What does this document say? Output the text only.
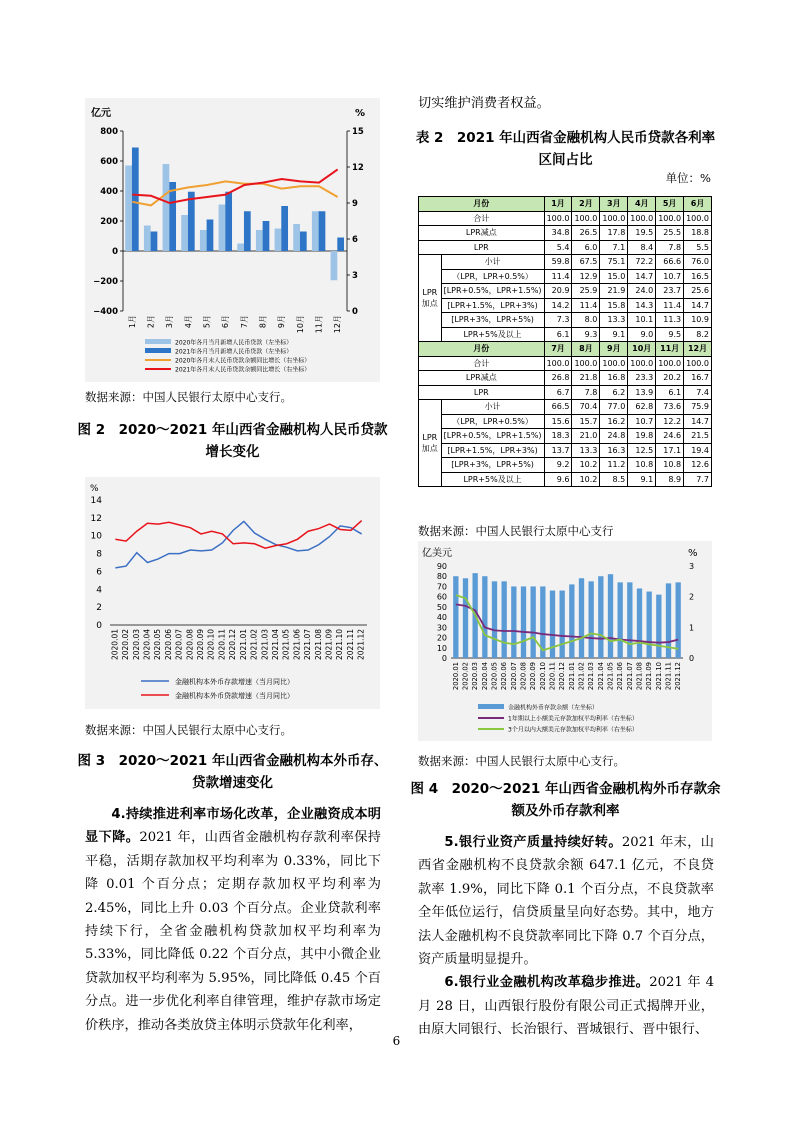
亿元	%
800
600
400
200
0
−200
−400
15
12
9
6
3
0
1月 2月 3月 4月 5月 6月 7月 8月 9月 10月 11月 12月
2020年各月当月新增人民币贷款（左坐标）
2021年各月当月新增人民币贷款（左坐标）
2020年各月末人民币贷款余额同比增长（右坐标）
2021年各月末人民币贷款余额同比增长（右坐标）
数据来源：中国人民银行太原中心支行。
图 2　2020～2021 年山西省金融机构人民币贷款
增长变化
%
14
12
10
8
6
4
2
0
2020.01 2020.02 2020.03 2020.04 2020.05 2020.06 2020.07 2020.08 2020.09 2020.10 2020.11 2020.12 2021.01 2021.02 2021.03 2021.04 2021.05 2021.06 2021.07 2021.08 2021.09 2021.10 2021.11 2021.12
金融机构本外币存款增速（当月同比）
金融机构本外币贷款增速（当月同比）
数据来源：中国人民银行太原中心支行。
图 3　2020～2021 年山西省金融机构本外币存、
贷款增速变化

4.持续推进利率市场化改革，企业融资成本明显下降。2021 年，山西省金融机构存款利率保持平稳，活期存款加权平均利率为 0.33%，同比下降 0.01 个百分点；定期存款加权平均利率为 2.45%，同比上升 0.03 个百分点。企业贷款利率持续下行，全省金融机构贷款加权平均利率为 5.33%，同比降低 0.22 个百分点，其中小微企业贷款加权平均利率为 5.95%，同比降低 0.45 个百分点。进一步优化利率自律管理，维护存款市场定价秩序，推动各类放贷主体明示贷款年化利率，

切实维护消费者权益。

表 2　2021 年山西省金融机构人民币贷款各利率
区间占比
单位：%
月份		1月	2月	3月	4月	5月	6月
合计		100.0	100.0	100.0	100.0	100.0	100.0
LPR减点		34.8	26.5	17.8	19.5	25.5	18.8
LPR		5.4	6.0	7.1	8.4	7.8	5.5
LPR加点	小计	59.8	67.5	75.1	72.2	66.6	76.0
	（LPR，LPR+0.5%）	11.4	12.9	15.0	14.7	10.7	16.5
	[LPR+0.5%，LPR+1.5%)	20.9	25.9	21.9	24.0	23.7	25.6
	[LPR+1.5%，LPR+3%)	14.2	11.4	15.8	14.3	11.4	14.7
	[LPR+3%，LPR+5%)	7.3	8.0	13.3	10.1	11.3	10.9
	LPR+5%及以上	6.1	9.3	9.1	9.0	9.5	8.2
月份		7月	8月	9月	10月	11月	12月
合计		100.0	100.0	100.0	100.0	100.0	100.0
LPR减点		26.8	21.8	16.8	23.3	20.2	16.7
LPR		6.7	7.8	6.2	13.9	6.1	7.4
LPR加点	小计	66.5	70.4	77.0	62.8	73.6	75.9
	（LPR，LPR+0.5%）	15.6	15.7	16.2	10.7	12.2	14.7
	[LPR+0.5%，LPR+1.5%)	18.3	21.0	24.8	19.8	24.6	21.5
	[LPR+1.5%，LPR+3%)	13.7	13.3	16.3	12.5	17.1	19.4
	[LPR+3%，LPR+5%)	9.2	10.2	11.2	10.8	10.8	12.6
	LPR+5%及以上	9.6	10.2	8.5	9.1	8.9	7.7
数据来源：中国人民银行太原中心支行
亿美元	%
90
80
70
60
50
40
30
20
10
0
3
2
1
0
2020.01 2020.02 2020.03 2020.04 2020.05 2020.06 2020.07 2020.08 2020.09 2020.10 2020.11 2020.12 2021.01 2021.02 2021.03 2021.04 2021.05 2021.06 2021.07 2021.08 2021.09 2021.10 2021.11 2021.12
金融机构外币存款余额（左坐标）
1年期以上小额美元存款加权平均利率（右坐标）
3个月以内大额美元存款加权平均利率（右坐标）
数据来源：中国人民银行太原中心支行。
图 4　2020～2021 年山西省金融机构外币存款余
额及外币存款利率

5.银行业资产质量持续好转。2021 年末，山西省金融机构不良贷款余额 647.1 亿元，不良贷款率 1.9%，同比下降 0.1 个百分点，不良贷款率全年低位运行，信贷质量呈向好态势。其中，地方法人金融机构不良贷款率同比下降 0.7 个百分点，资产质量明显提升。

6.银行业金融机构改革稳步推进。2021 年 4 月 28 日，山西银行股份有限公司正式揭牌开业，由原大同银行、长治银行、晋城银行、晋中银行、

6
